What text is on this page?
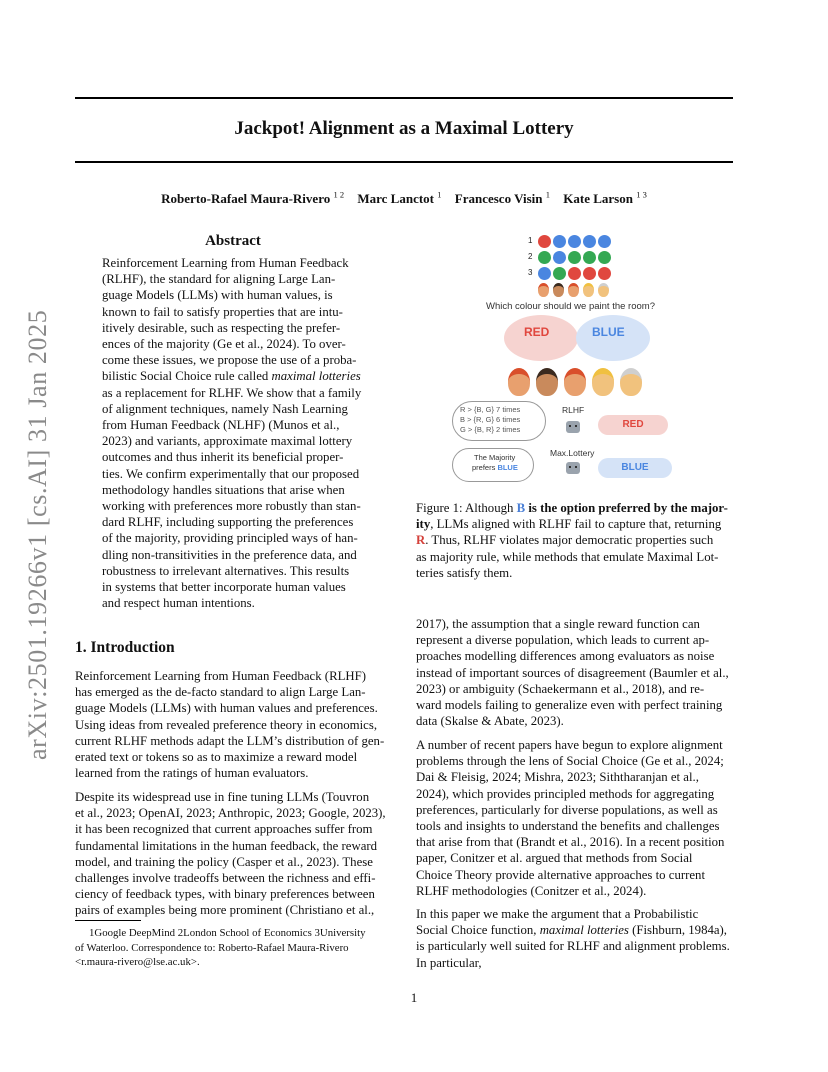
Jackpot! Alignment as a Maximal Lottery
Roberto-Rafael Maura-Rivero $^{1 2}$ Marc Lanctot $^1$ Francesco Visin $^1$ Kate Larson $^{1 3}$
arXiv:2501.19266v1 [cs.AI] 31 Jan 2025
Abstract
Reinforcement Learning from Human Feedback
(RLHF), the standard for aligning Large Lan-
guage Models (LLMs) with human values, is
known to fail to satisfy properties that are intu-
itively desirable, such as respecting the prefer-
ences of the majority (Ge et al., 2024). To over-
come these issues, we propose the use of a proba-
bilistic Social Choice rule called maximal lotteries
as a replacement for RLHF. We show that a family
of alignment techniques, namely Nash Learning
from Human Feedback (NLHF) (Munos et al.,
2023) and variants, approximate maximal lottery
outcomes and thus inherit its beneficial proper-
ties. We confirm experimentally that our proposed
methodology handles situations that arise when
working with preferences more robustly than stan-
dard RLHF, including supporting the preferences
of the majority, providing principled ways of han-
dling non-transitivities in the preference data, and
robustness to irrelevant alternatives. This results
in systems that better incorporate human values
and respect human intentions.
1. Introduction
Reinforcement Learning from Human Feedback (RLHF)
has emerged as the de-facto standard to align Large Lan-
guage Models (LLMs) with human values and preferences.
Using ideas from revealed preference theory in economics,
current RLHF methods adapt the LLM’s distribution of gen-
erated text or tokens so as to maximize a reward model
learned from the ratings of human evaluators.
Despite its widespread use in fine tuning LLMs (Touvron
et al., 2023; OpenAI, 2023; Anthropic, 2023; Google, 2023),
it has been recognized that current approaches suffer from
fundamental limitations in the human feedback, the reward
model, and training the policy (Casper et al., 2023). These
challenges involve tradeoffs between the richness and effi-
ciency of feedback types, with binary preferences between
pairs of examples being more prominent (Christiano et al.,
1Google DeepMind 2London School of Economics 3University
of Waterloo. Correspondence to: Roberto-Rafael Maura-Rivero
<r.maura-rivero@lse.ac.uk>.
2017), the assumption that a single reward function can
represent a diverse population, which leads to current ap-
proaches modelling differences among evaluators as noise
instead of important sources of disagreement (Baumler et al.,
2023) or ambiguity (Schaekermann et al., 2018), and re-
ward models failing to generalize even with perfect training
data (Skalse & Abate, 2023).
A number of recent papers have begun to explore alignment
problems through the lens of Social Choice (Ge et al., 2024;
Dai & Fleisig, 2024; Mishra, 2023; Siththaranjan et al.,
2024), which provides principled methods for aggregating
preferences, particularly for diverse populations, as well as
tools and insights to understand the benefits and challenges
that arise from that (Brandt et al., 2016). In a recent position
paper, Conitzer et al. argued that methods from Social
Choice Theory provide alternative approaches to current
RLHF methodologies (Conitzer et al., 2024).
In this paper we make the argument that a Probabilistic
Social Choice function, maximal lotteries (Fishburn, 1984a),
is particularly well suited for RLHF and alignment problems.
In particular,
1
2
3
Which colour should we paint the room?
RED	BLUE
R > {B, G} 7 times
B > {R, G} 6 times
G > {B, R} 2 times
RLHF
RED
The Majority
prefers BLUE
Max.Lottery
BLUE
Figure 1: Although B is the option preferred by the major-
ity, LLMs aligned with RLHF fail to capture that, returning
R. Thus, RLHF violates major democratic properties such
as majority rule, while methods that emulate Maximal Lot-
teries satisfy them.
1
